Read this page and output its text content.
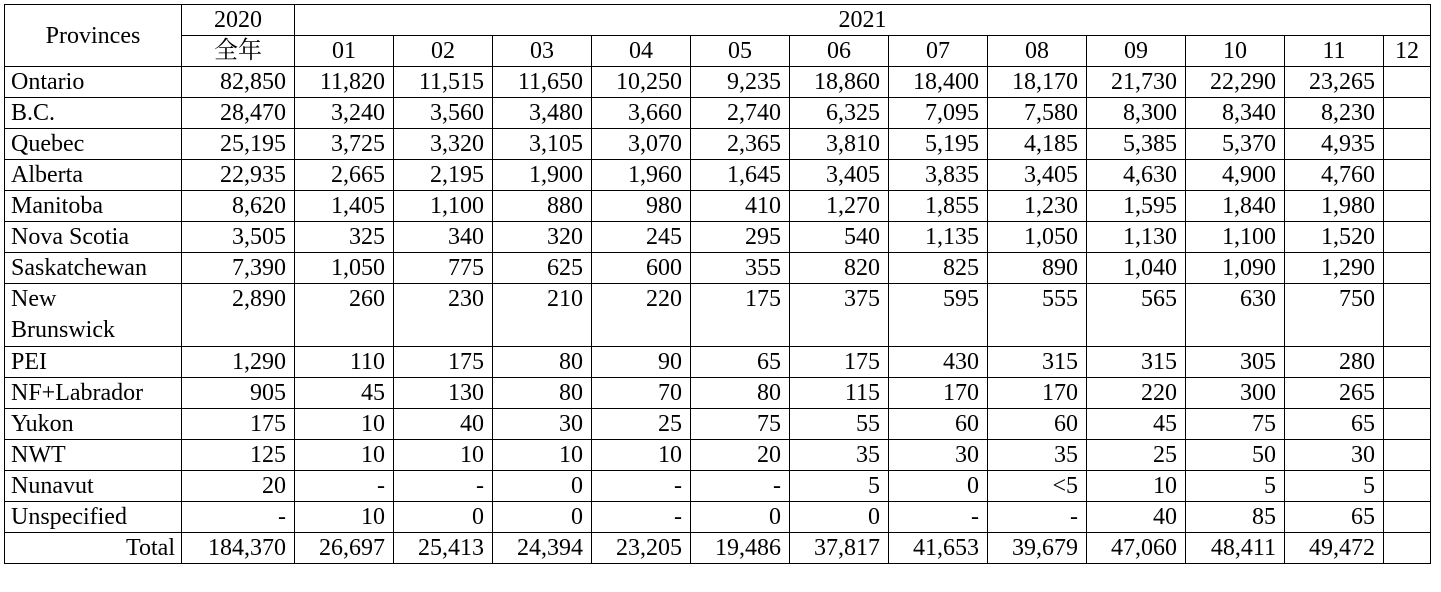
Provinces	2020	2021											
	全年	01	02	03	04	05	06	07	08	09	10	11	12
Ontario	82,850	11,820	11,515	11,650	10,250	9,235	18,860	18,400	18,170	21,730	22,290	23,265	
B.C.	28,470	3,240	3,560	3,480	3,660	2,740	6,325	7,095	7,580	8,300	8,340	8,230	
Quebec	25,195	3,725	3,320	3,105	3,070	2,365	3,810	5,195	4,185	5,385	5,370	4,935	
Alberta	22,935	2,665	2,195	1,900	1,960	1,645	3,405	3,835	3,405	4,630	4,900	4,760	
Manitoba	8,620	1,405	1,100	880	980	410	1,270	1,855	1,230	1,595	1,840	1,980	
Nova Scotia	3,505	325	340	320	245	295	540	1,135	1,050	1,130	1,100	1,520	
Saskatchewan	7,390	1,050	775	625	600	355	820	825	890	1,040	1,090	1,290	
New
Brunswick	2,890	260	230	210	220	175	375	595	555	565	630	750	
PEI	1,290	110	175	80	90	65	175	430	315	315	305	280	
NF+Labrador	905	45	130	80	70	80	115	170	170	220	300	265	
Yukon	175	10	40	30	25	75	55	60	60	45	75	65	
NWT	125	10	10	10	10	20	35	30	35	25	50	30	
Nunavut	20	-	-	0	-	-	5	0	<5	10	5	5	
Unspecified	-	10	0	0	-	0	0	-	-	40	85	65	
Total	184,370	26,697	25,413	24,394	23,205	19,486	37,817	41,653	39,679	47,060	48,411	49,472	
